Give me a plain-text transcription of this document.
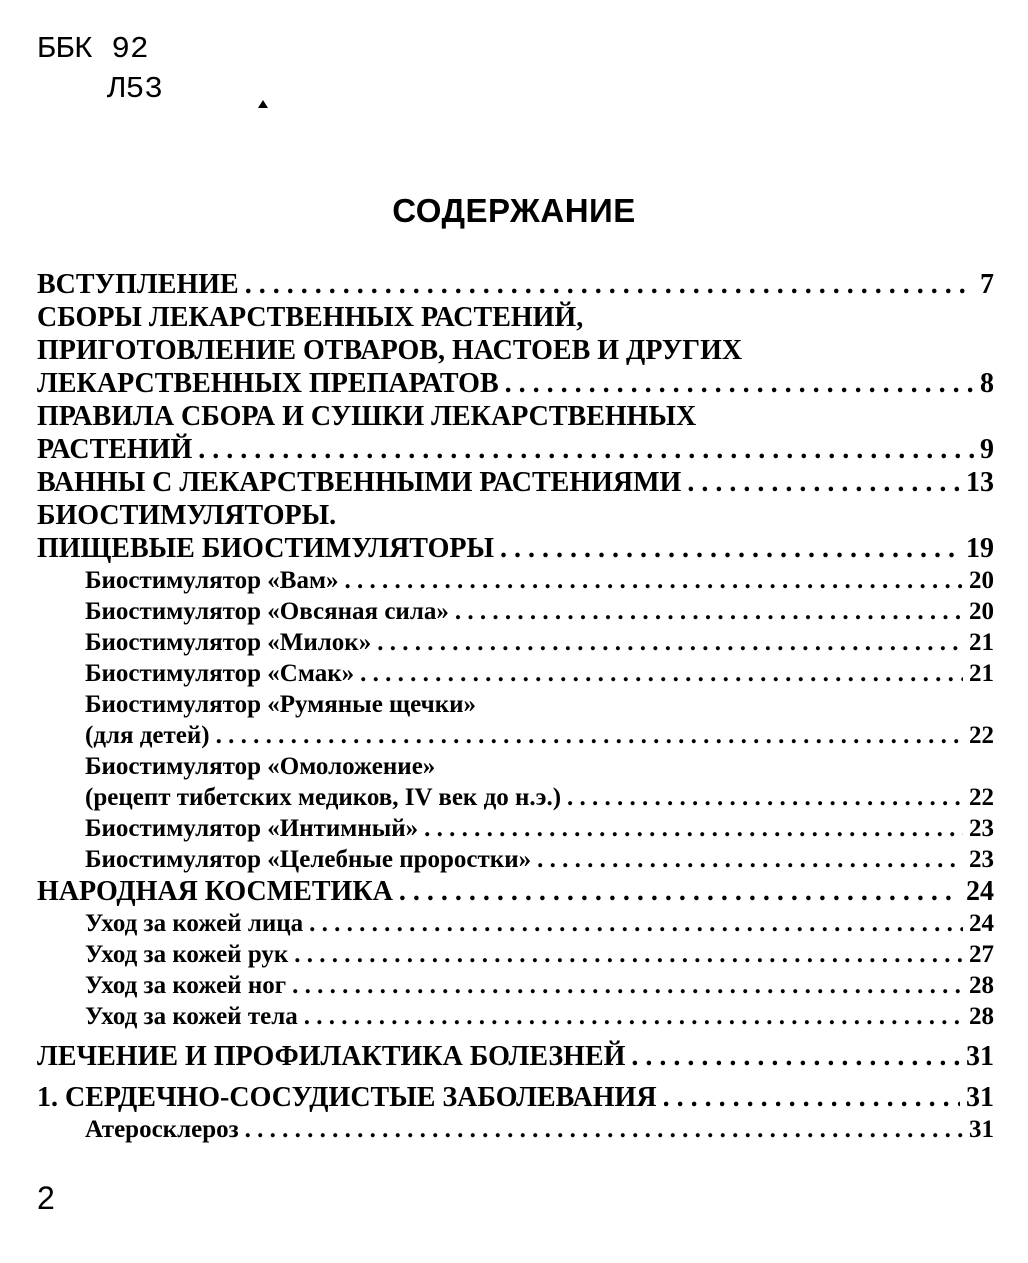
ББК 92
Л53
СОДЕРЖАНИЕ
ВСТУПЛЕНИЕ . . .	7
СБОРЫ ЛЕКАРСТВЕННЫХ РАСТЕНИЙ,
ПРИГОТОВЛЕНИЕ ОТВАРОВ, НАСТОЕВ И ДРУГИХ
ЛЕКАРСТВЕННЫХ ПРЕПАРАТОВ . . .	8
ПРАВИЛА СБОРА И СУШКИ ЛЕКАРСТВЕННЫХ
РАСТЕНИЙ . . .	9
ВАННЫ С ЛЕКАРСТВЕННЫМИ РАСТЕНИЯМИ . . .	13
БИОСТИМУЛЯТОРЫ.
ПИЩЕВЫЕ БИОСТИМУЛЯТОРЫ . . .	19
Биостимулятор «Вам» . . .	20
Биостимулятор «Овсяная сила» . . .	20
Биостимулятор «Милок» . . .	21
Биостимулятор «Смак» . . .	21
Биостимулятор «Румяные щечки»
(для детей) . . .	22
Биостимулятор «Омоложение»
(рецепт тибетских медиков, IV век до н.э.) . . .	22
Биостимулятор «Интимный» . . .	23
Биостимулятор «Целебные проростки» . . .	23
НАРОДНАЯ КОСМЕТИКА . . .	24
Уход за кожей лица . . .	24
Уход за кожей рук . . .	27
Уход за кожей ног . . .	28
Уход за кожей тела . . .	28
ЛЕЧЕНИЕ И ПРОФИЛАКТИКА БОЛЕЗНЕЙ . . .	31
1. СЕРДЕЧНО-СОСУДИСТЫЕ ЗАБОЛЕВАНИЯ . . .	31
Атеросклероз . . .	31
2
